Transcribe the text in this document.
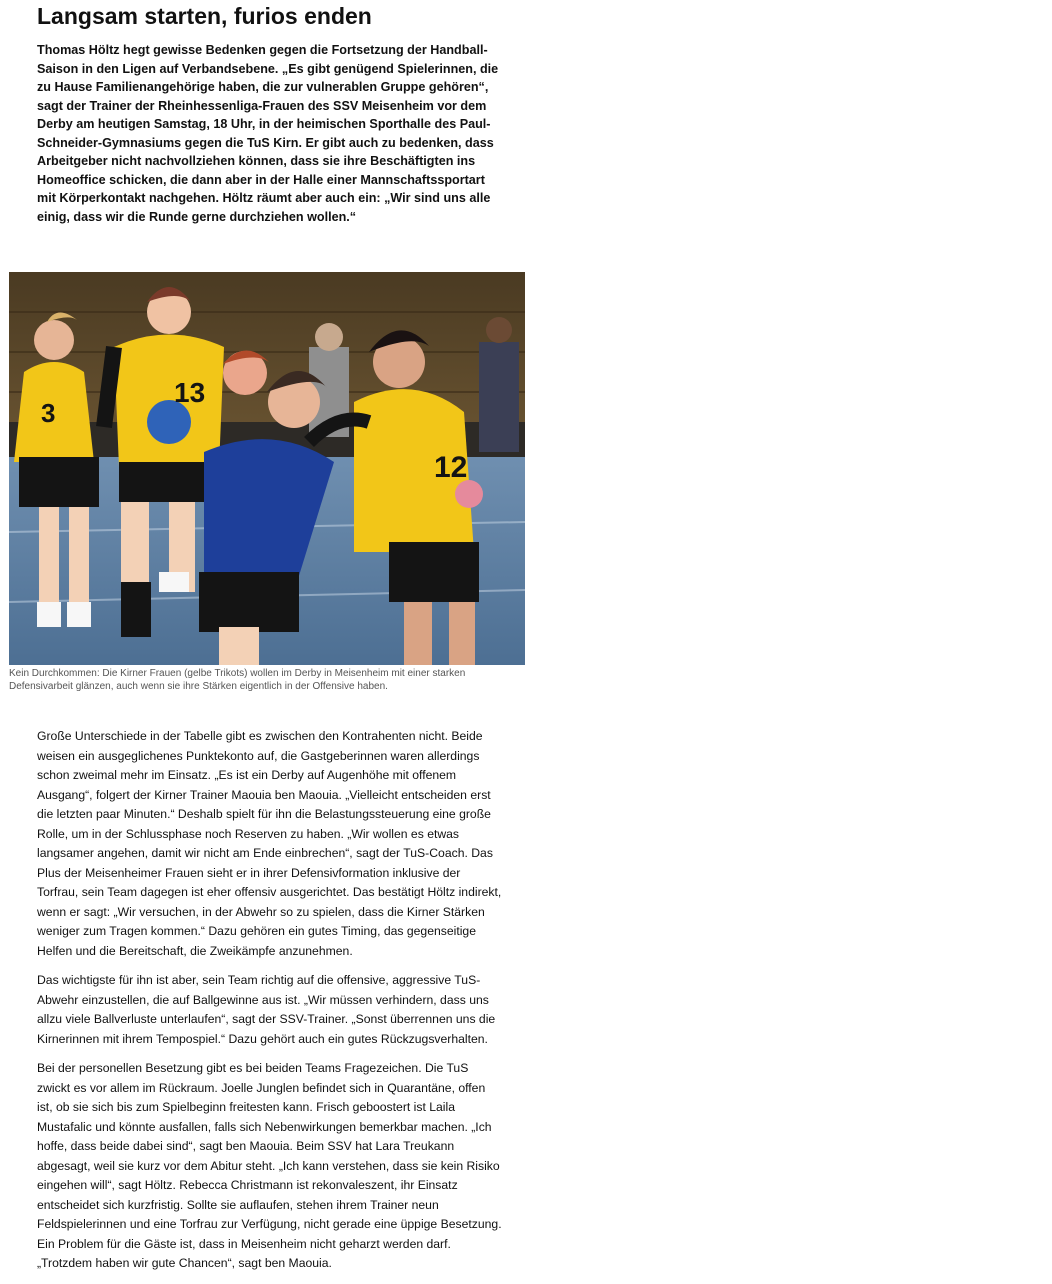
Langsam starten, furios enden

Thomas Höltz hegt gewisse Bedenken gegen die Fortsetzung der Handball-Saison in den Ligen auf Verbandsebene. „Es gibt genügend Spielerinnen, die zu Hause Familienangehörige haben, die zur vulnerablen Gruppe gehören“, sagt der Trainer der Rheinhessenliga-Frauen des SSV Meisenheim vor dem Derby am heutigen Samstag, 18 Uhr, in der heimischen Sporthalle des Paul-Schneider-Gymnasiums gegen die TuS Kirn. Er gibt auch zu bedenken, dass Arbeitgeber nicht nachvollziehen können, dass sie ihre Beschäftigten ins Homeoffice schicken, die dann aber in der Halle einer Mannschaftssportart mit Körperkontakt nachgehen. Höltz räumt aber auch ein: „Wir sind uns alle einig, dass wir die Runde gerne durchziehen wollen.“

3
13
12
Kein Durchkommen: Die Kirner Frauen (gelbe Trikots) wollen im Derby in Meisenheim mit einer starken Defensivarbeit glänzen, auch wenn sie ihre Stärken eigentlich in der Offensive haben.

Große Unterschiede in der Tabelle gibt es zwischen den Kontrahenten nicht. Beide weisen ein ausgeglichenes Punktekonto auf, die Gastgeberinnen waren allerdings schon zweimal mehr im Einsatz. „Es ist ein Derby auf Augenhöhe mit offenem Ausgang“, folgert der Kirner Trainer Maouia ben Maouia. „Vielleicht entscheiden erst die letzten paar Minuten.“ Deshalb spielt für ihn die Belastungssteuerung eine große Rolle, um in der Schlussphase noch Reserven zu haben. „Wir wollen es etwas langsamer angehen, damit wir nicht am Ende einbrechen“, sagt der TuS-Coach. Das Plus der Meisenheimer Frauen sieht er in ihrer Defensivformation inklusive der Torfrau, sein Team dagegen ist eher offensiv ausgerichtet. Das bestätigt Höltz indirekt, wenn er sagt: „Wir versuchen, in der Abwehr so zu spielen, dass die Kirner Stärken weniger zum Tragen kommen.“ Dazu gehören ein gutes Timing, das gegenseitige Helfen und die Bereitschaft, die Zweikämpfe anzunehmen.

Das wichtigste für ihn ist aber, sein Team richtig auf die offensive, aggressive TuS-Abwehr einzustellen, die auf Ballgewinne aus ist. „Wir müssen verhindern, dass uns allzu viele Ballverluste unterlaufen“, sagt der SSV-Trainer. „Sonst überrennen uns die Kirnerinnen mit ihrem Tempospiel.“ Dazu gehört auch ein gutes Rückzugsverhalten.

Bei der personellen Besetzung gibt es bei beiden Teams Fragezeichen. Die TuS zwickt es vor allem im Rückraum. Joelle Junglen befindet sich in Quarantäne, offen ist, ob sie sich bis zum Spielbeginn freitesten kann. Frisch geboostert ist Laila Mustafalic und könnte ausfallen, falls sich Nebenwirkungen bemerkbar machen. „Ich hoffe, dass beide dabei sind“, sagt ben Maouia. Beim SSV hat Lara Treukann abgesagt, weil sie kurz vor dem Abitur steht. „Ich kann verstehen, dass sie kein Risiko eingehen will“, sagt Höltz. Rebecca Christmann ist rekonvaleszent, ihr Einsatz entscheidet sich kurzfristig. Sollte sie auflaufen, stehen ihrem Trainer neun Feldspielerinnen und eine Torfrau zur Verfügung, nicht gerade eine üppige Besetzung. Ein Problem für die Gäste ist, dass in Meisenheim nicht geharzt werden darf. „Trotzdem haben wir gute Chancen“, sagt ben Maouia.
